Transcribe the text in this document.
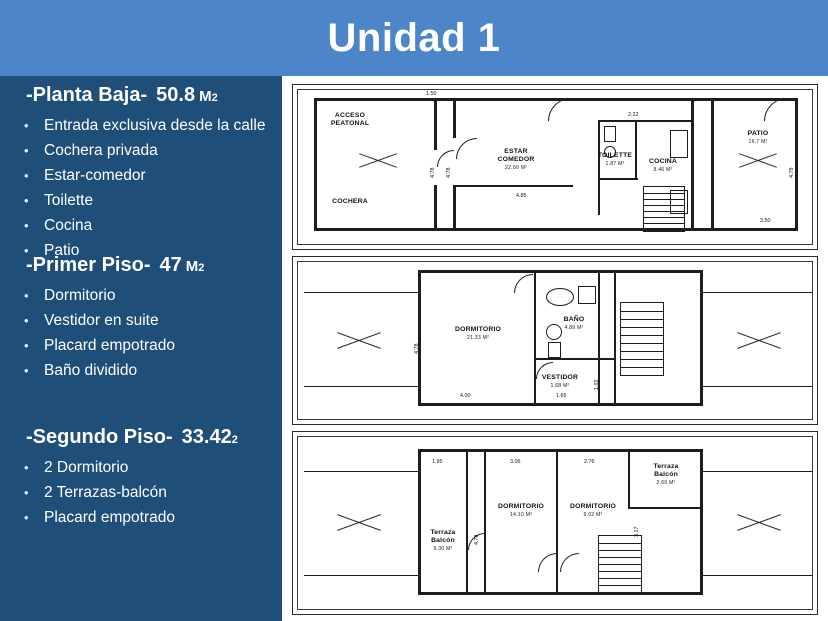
Unidad 1
-Planta Baja- 50.8 M 2
• Entrada exclusiva desde la calle
• Cochera privada
• Estar-comedor
• Toilette
• Cocina
• Patio
-Primer Piso- 47 M 2
• Dormitorio
• Vestidor en suite
• Placard empotrado
• Baño dividido
-Segundo Piso- 33.42 2
• 2 Dormitorio
• 2 Terrazas-balcón
• Placard empotrado
ACCESO
PEATONAL
COCHERA
ESTAR
COMEDOR
22.09 M²
TOILETTE
1.87 M²	COCINA
8.46 M²
PATIO
16.7 M²
1.50
2.22
4.78 4.78
4.85
3.50
4.78
DORMITORIO
21.33 M²
BAÑO
4.89 M²
VESTIDOR
1.68 M²
4.78
4.00	1.65
1.02
Terraza
Balcón
9.30 M²
DORMITORIO
14.10 M²
DORMITORIO
9.02 M²
Terraza
Balcón
2.69 M²
1.95	3.06	2.76
4.78
3.17
